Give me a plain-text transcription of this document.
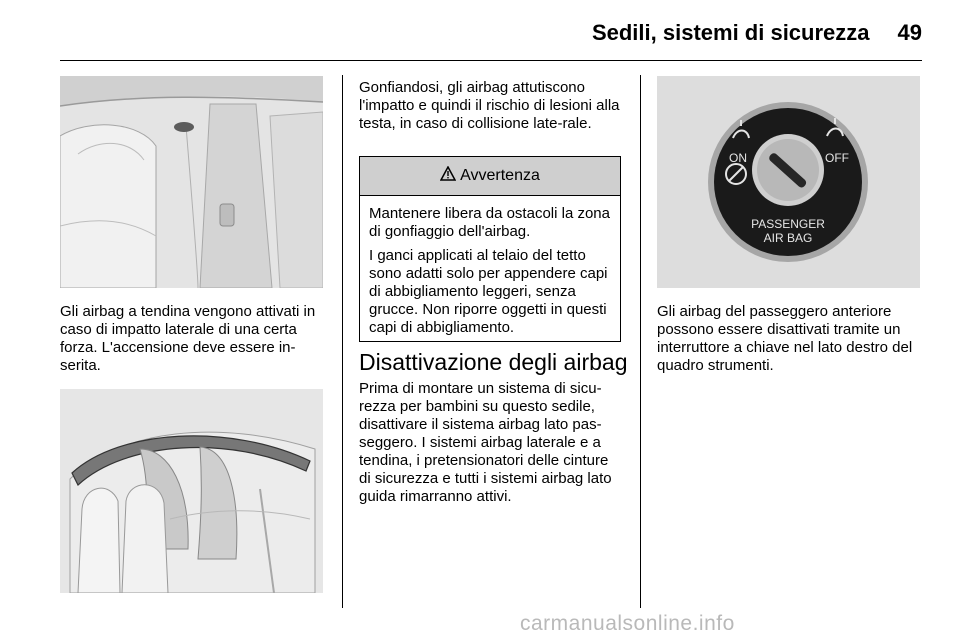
Sedili, sistemi di sicurezza 49

Gli airbag a tendina vengono attivati in caso di impatto laterale di una certa forza. L'accensione deve essere in-serita.

Gonfiandosi, gli airbag attutiscono l'impatto e quindi il rischio di lesioni alla testa, in caso di collisione late-rale.

Avvertenza

Mantenere libera da ostacoli la zona di gonfiaggio dell'airbag.

I ganci applicati al telaio del tetto sono adatti solo per appendere capi di abbigliamento leggeri, senza grucce. Non riporre oggetti in questi capi di abbigliamento.

Disattivazione degli airbag

Prima di montare un sistema di sicu-rezza per bambini su questo sedile, disattivare il sistema airbag lato pas-seggero. I sistemi airbag laterale e a tendina, i pretensionatori delle cinture di sicurezza e tutti i sistemi airbag lato guida rimarranno attivi.

ON	OFF
PASSENGER
AIR BAG

Gli airbag del passeggero anteriore possono essere disattivati tramite un interruttore a chiave nel lato destro del quadro strumenti.

carmanualsonline.info
